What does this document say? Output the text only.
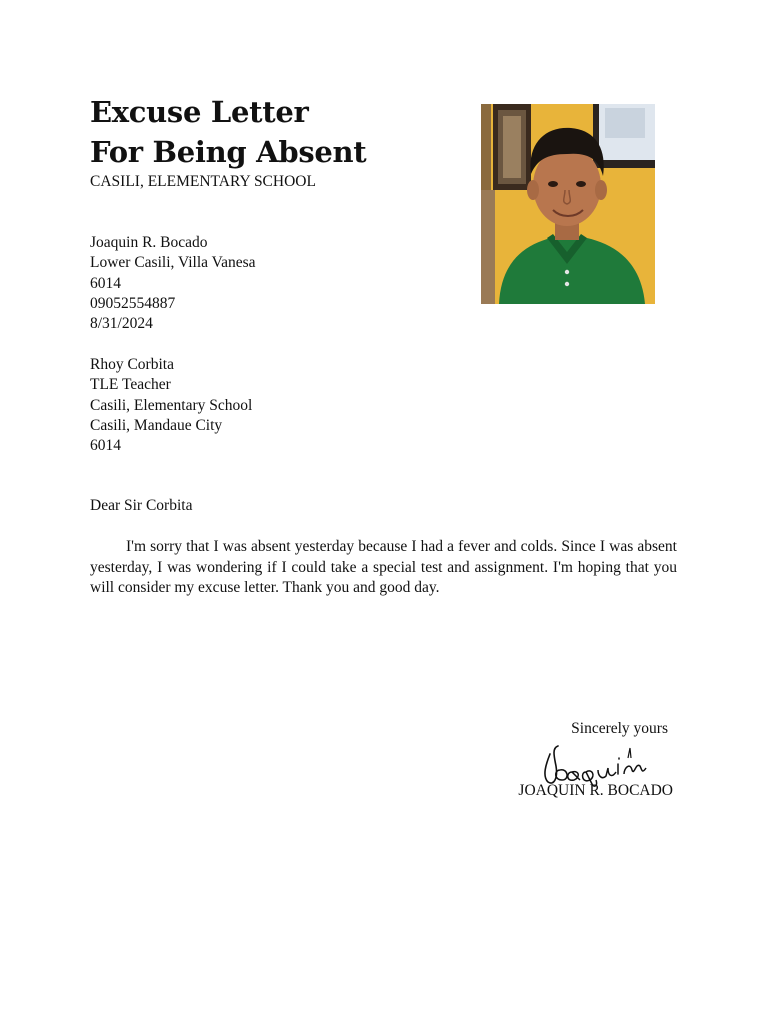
Excuse Letter
For Being Absent
CASILI, ELEMENTARY SCHOOL
Joaquin R. Bocado
Lower Casili, Villa Vanesa
6014
09052554887
8/31/2024
Rhoy Corbita
TLE Teacher
Casili, Elementary School
Casili, Mandaue City
6014
Dear Sir Corbita

I'm sorry that I was absent yesterday because I had a fever and colds. Since I was absent yesterday, I was wondering if I could take a special test and assignment. I'm hoping that you will consider my excuse letter. Thank you and good day.

Sincerely yours
JOAQUIN R. BOCADO
